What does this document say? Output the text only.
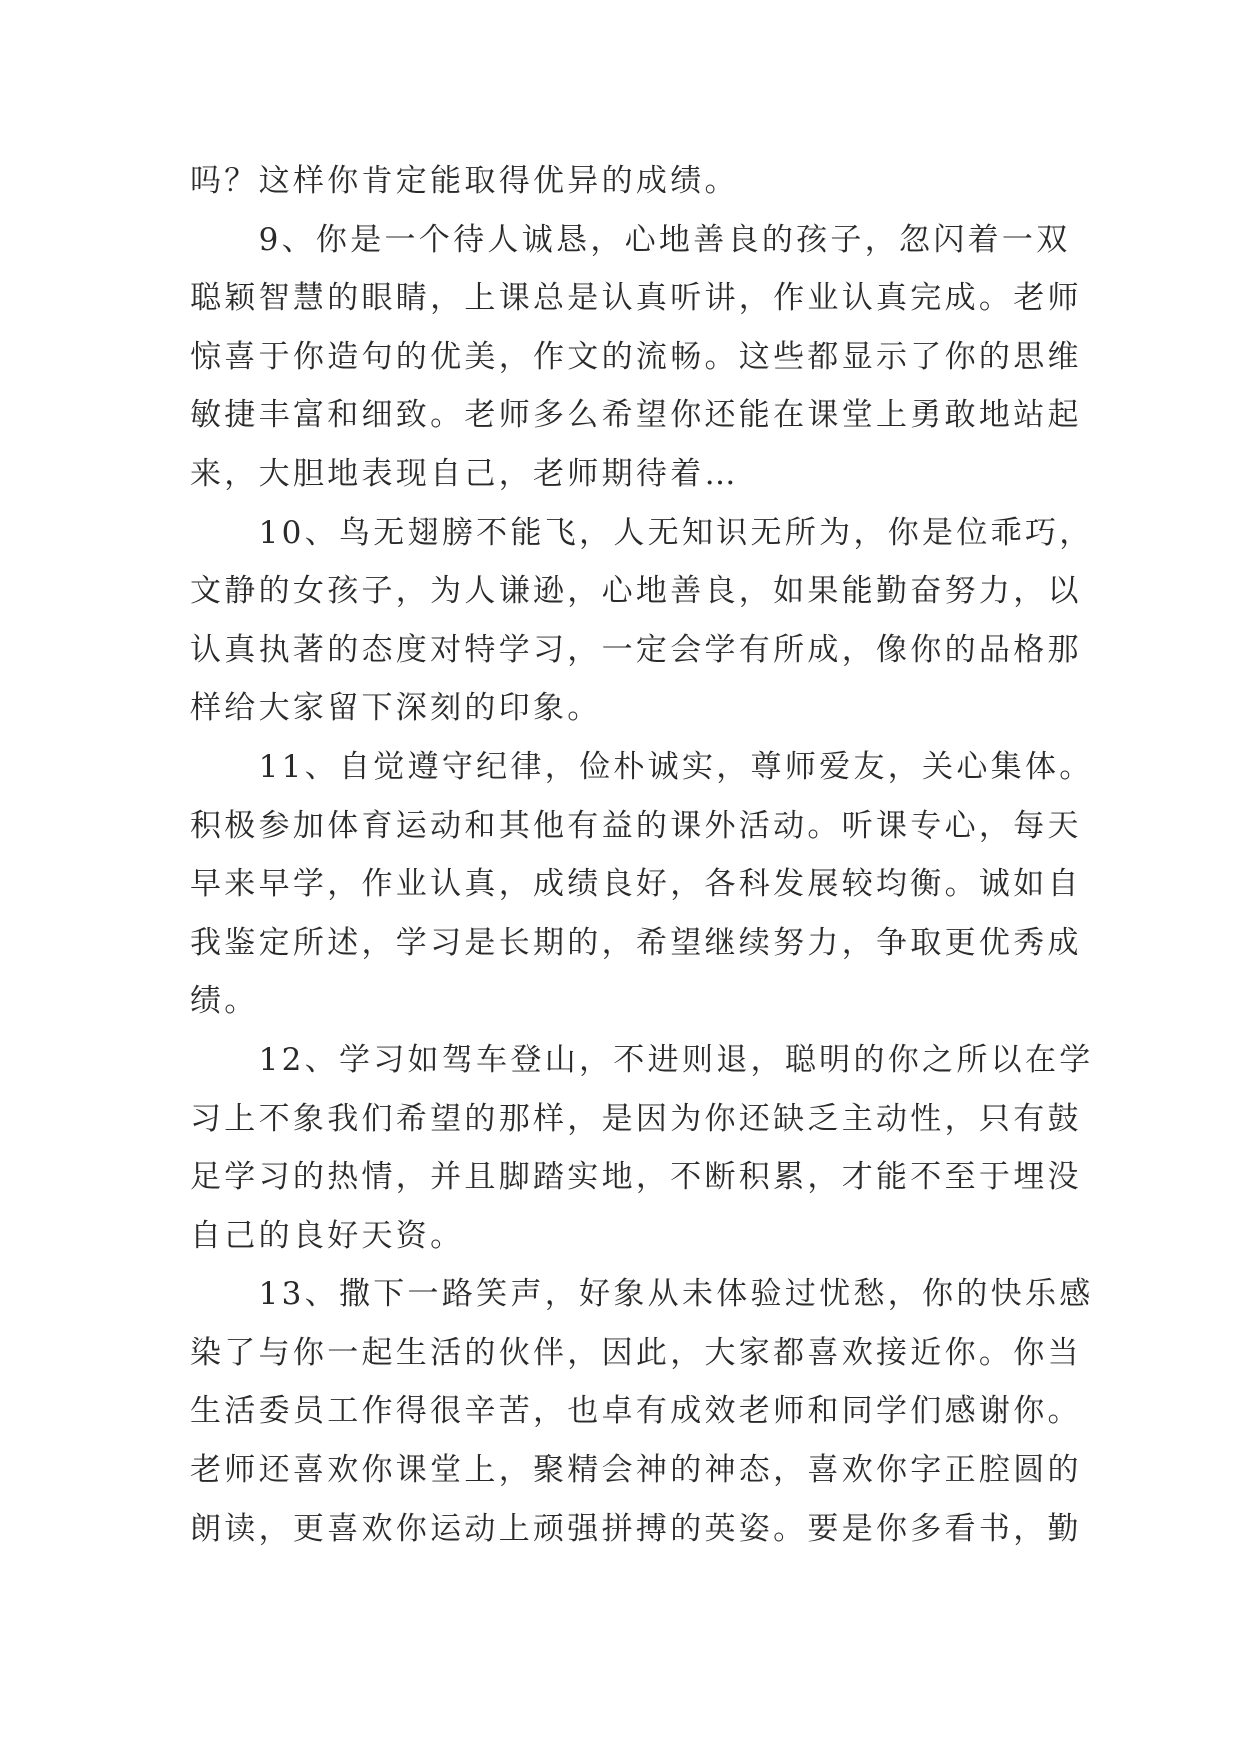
吗？这样你肯定能取得优异的成绩。
　　9、你是一个待人诚恳，心地善良的孩子，忽闪着一双
聪颖智慧的眼睛，上课总是认真听讲，作业认真完成。老师
惊喜于你造句的优美，作文的流畅。这些都显示了你的思维
敏捷丰富和细致。老师多么希望你还能在课堂上勇敢地站起
来，大胆地表现自己，老师期待着…
　　10、鸟无翅膀不能飞，人无知识无所为，你是位乖巧，
文静的女孩子，为人谦逊，心地善良，如果能勤奋努力，以
认真执著的态度对特学习，一定会学有所成，像你的品格那
样给大家留下深刻的印象。
　　11、自觉遵守纪律，俭朴诚实，尊师爱友，关心集体。
积极参加体育运动和其他有益的课外活动。听课专心，每天
早来早学，作业认真，成绩良好，各科发展较均衡。诚如自
我鉴定所述，学习是长期的，希望继续努力，争取更优秀成
绩。
　　12、学习如驾车登山，不进则退，聪明的你之所以在学
习上不象我们希望的那样，是因为你还缺乏主动性，只有鼓
足学习的热情，并且脚踏实地，不断积累，才能不至于埋没
自己的良好天资。
　　13、撒下一路笑声，好象从未体验过忧愁，你的快乐感
染了与你一起生活的伙伴，因此，大家都喜欢接近你。你当
生活委员工作得很辛苦，也卓有成效老师和同学们感谢你。
老师还喜欢你课堂上，聚精会神的神态，喜欢你字正腔圆的
朗读，更喜欢你运动上顽强拼搏的英姿。要是你多看书，勤
